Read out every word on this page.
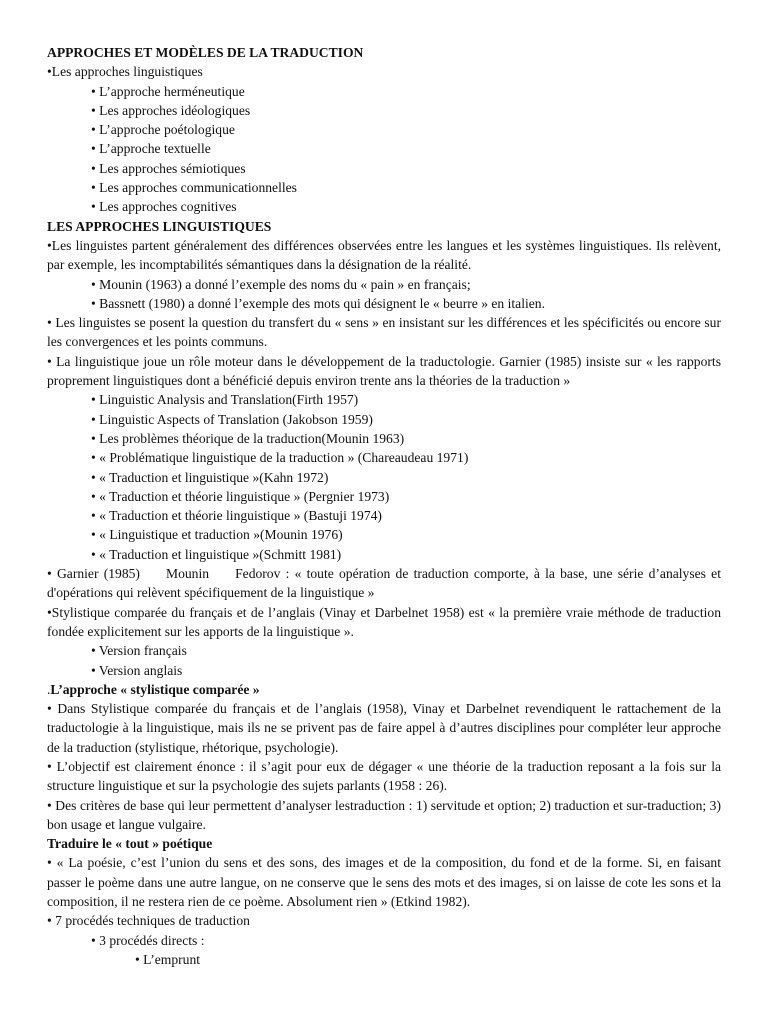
APPROCHES ET MODÈLES DE LA TRADUCTION

•Les approches linguistiques

• L’approche herméneutique

• Les approches idéologiques

• L’approche poétologique

• L’approche textuelle

• Les approches sémiotiques

• Les approches communicationnelles

• Les approches cognitives

LES APPROCHES LINGUISTIQUES

•Les linguistes partent généralement des différences observées entre les langues et les systèmes linguistiques. Ils relèvent, par exemple, les incomptabilités sémantiques dans la désignation de la réalité.

• Mounin (1963) a donné l’exemple des noms du « pain » en français;

• Bassnett (1980) a donné l’exemple des mots qui désignent le « beurre » en italien.

• Les linguistes se posent la question du transfert du « sens » en insistant sur les différences et les spécificités ou encore sur les convergences et les points communs.

• La linguistique joue un rôle moteur dans le développement de la traductologie. Garnier (1985) insiste sur « les rapports proprement linguistiques dont a bénéficié depuis environ trente ans la théories de la traduction »

• Linguistic Analysis and Translation(Firth 1957)

• Linguistic Aspects of Translation (Jakobson 1959)

• Les problèmes théorique de la traduction(Mounin 1963)

• « Problématique linguistique de la traduction » (Chareaudeau 1971)

• « Traduction et linguistique »(Kahn 1972)

• « Traduction et théorie linguistique » (Pergnier 1973)

• « Traduction et théorie linguistique » (Bastuji 1974)

• « Linguistique et traduction »(Mounin 1976)

• « Traduction et linguistique »(Schmitt 1981)

• Garnier (1985)     Mounin     Fedorov : « toute opération de traduction comporte, à la base, une série d’analyses et d'opérations qui relèvent spécifiquement de la linguistique »

•Stylistique comparée du français et de l’anglais (Vinay et Darbelnet 1958) est « la première vraie méthode de traduction fondée explicitement sur les apports de la linguistique ».

• Version français

• Version anglais

.L’approche « stylistique comparée »

• Dans Stylistique comparée du français et de l’anglais (1958), Vinay et Darbelnet revendiquent le rattachement de la traductologie à la linguistique, mais ils ne se privent pas de faire appel à d’autres disciplines pour compléter leur approche de la traduction (stylistique, rhétorique, psychologie).

• L’objectif est clairement énonce : il s’agit pour eux de dégager « une théorie de la traduction reposant a la fois sur la structure linguistique et sur la psychologie des sujets parlants (1958 : 26).

• Des critères de base qui leur permettent d’analyser lestraduction : 1) servitude et option; 2) traduction et sur-traduction; 3) bon usage et langue vulgaire.

Traduire le « tout » poétique

• « La poésie, c’est l’union du sens et des sons, des images et de la composition, du fond et de la forme. Si, en faisant passer le poème dans une autre langue, on ne conserve que le sens des mots et des images, si on laisse de cote les sons et la composition, il ne restera rien de ce poème. Absolument rien » (Etkind 1982).

• 7 procédés techniques de traduction

• 3 procédés directs :

• L’emprunt
